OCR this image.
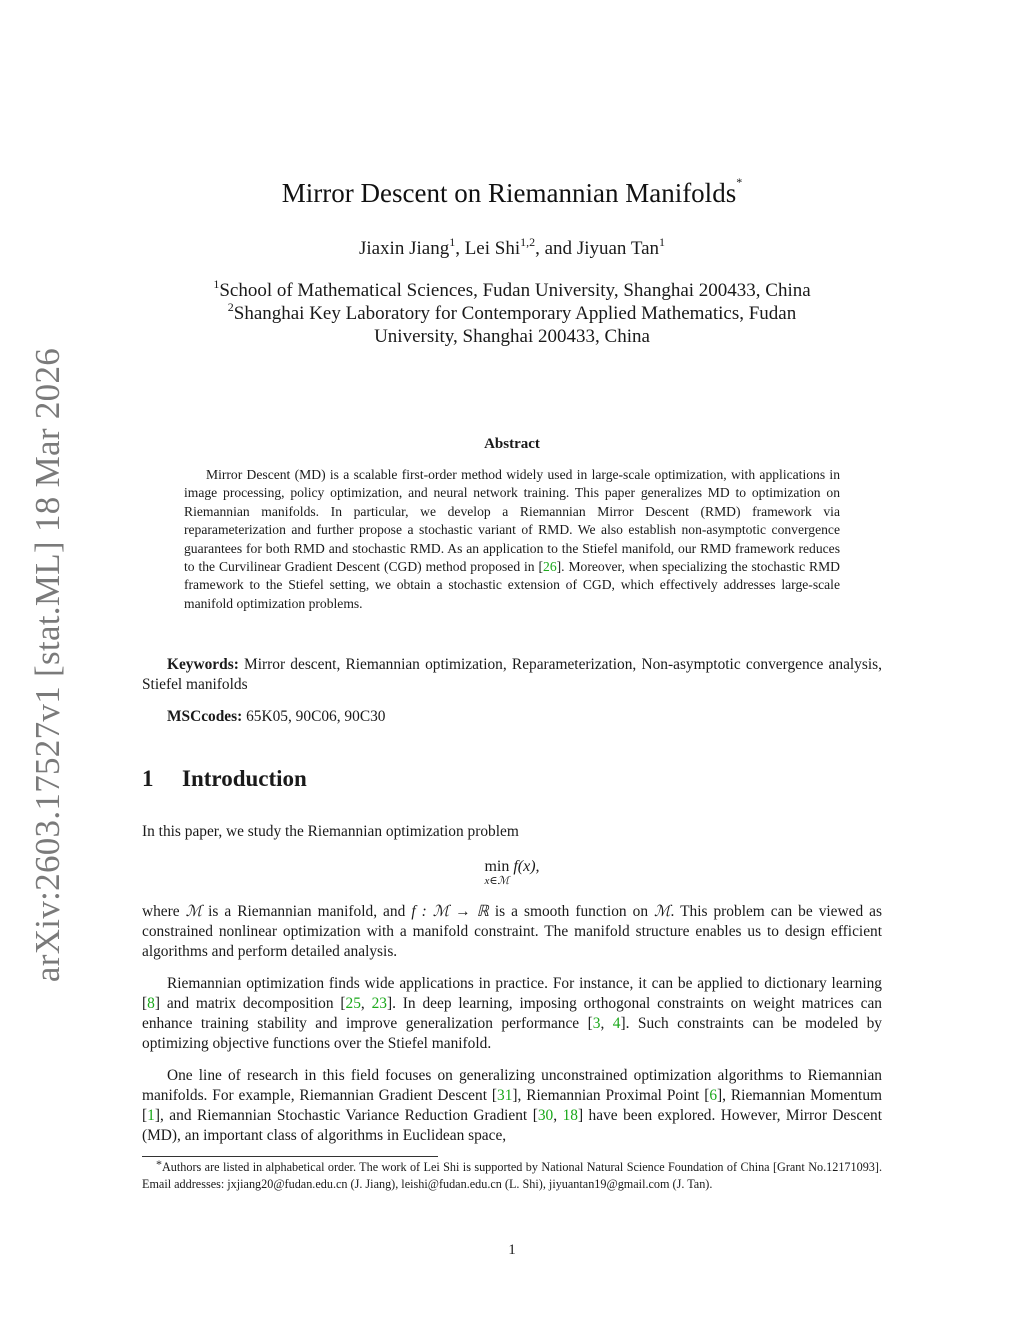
arXiv:2603.17527v1 [stat.ML] 18 Mar 2026
Mirror Descent on Riemannian Manifolds*
Jiaxin Jiang$^1$, Lei Shi$^{1,2}$, and Jiyuan Tan$^1$
$^1$School of Mathematical Sciences, Fudan University, Shanghai 200433, China
$^2$Shanghai Key Laboratory for Contemporary Applied Mathematics, Fudan
University, Shanghai 200433, China
Abstract

Mirror Descent (MD) is a scalable first-order method widely used in large-scale optimization, with applications in image processing, policy optimization, and neural network training. This paper generalizes MD to optimization on Riemannian manifolds. In particular, we develop a Riemannian Mirror Descent (RMD) framework via reparameterization and further propose a stochastic variant of RMD. We also establish non-asymptotic convergence guarantees for both RMD and stochastic RMD. As an application to the Stiefel manifold, our RMD framework reduces to the Curvilinear Gradient Descent (CGD) method proposed in [26]. Moreover, when specializing the stochastic RMD framework to the Stiefel setting, we obtain a stochastic extension of CGD, which effectively addresses large-scale manifold optimization problems.

Keywords: Mirror descent, Riemannian optimization, Reparameterization, Non-asymptotic convergence analysis, Stiefel manifolds

MSCcodes: 65K05, 90C06, 90C30

1 Introduction

In this paper, we study the Riemannian optimization problem

min
x∈ℳ
f(x),

where ℳ is a Riemannian manifold, and f : ℳ → ℝ is a smooth function on ℳ. This problem can be viewed as constrained nonlinear optimization with a manifold constraint. The manifold structure enables us to design efficient algorithms and perform detailed analysis.

Riemannian optimization finds wide applications in practice. For instance, it can be applied to dictionary learning [8] and matrix decomposition [25, 23]. In deep learning, imposing orthogonal constraints on weight matrices can enhance training stability and improve generalization performance [3, 4]. Such constraints can be modeled by optimizing objective functions over the Stiefel manifold.

One line of research in this field focuses on generalizing unconstrained optimization algorithms to Riemannian manifolds. For example, Riemannian Gradient Descent [31], Riemannian Proximal Point [6], Riemannian Momentum [1], and Riemannian Stochastic Variance Reduction Gradient [30, 18] have been explored. However, Mirror Descent (MD), an important class of algorithms in Euclidean space,

*Authors are listed in alphabetical order. The work of Lei Shi is supported by National Natural Science Foundation of China [Grant No.12171093]. Email addresses: jxjiang20@fudan.edu.cn (J. Jiang), leishi@fudan.edu.cn (L. Shi), jiyuantan19@gmail.com (J. Tan).

1
